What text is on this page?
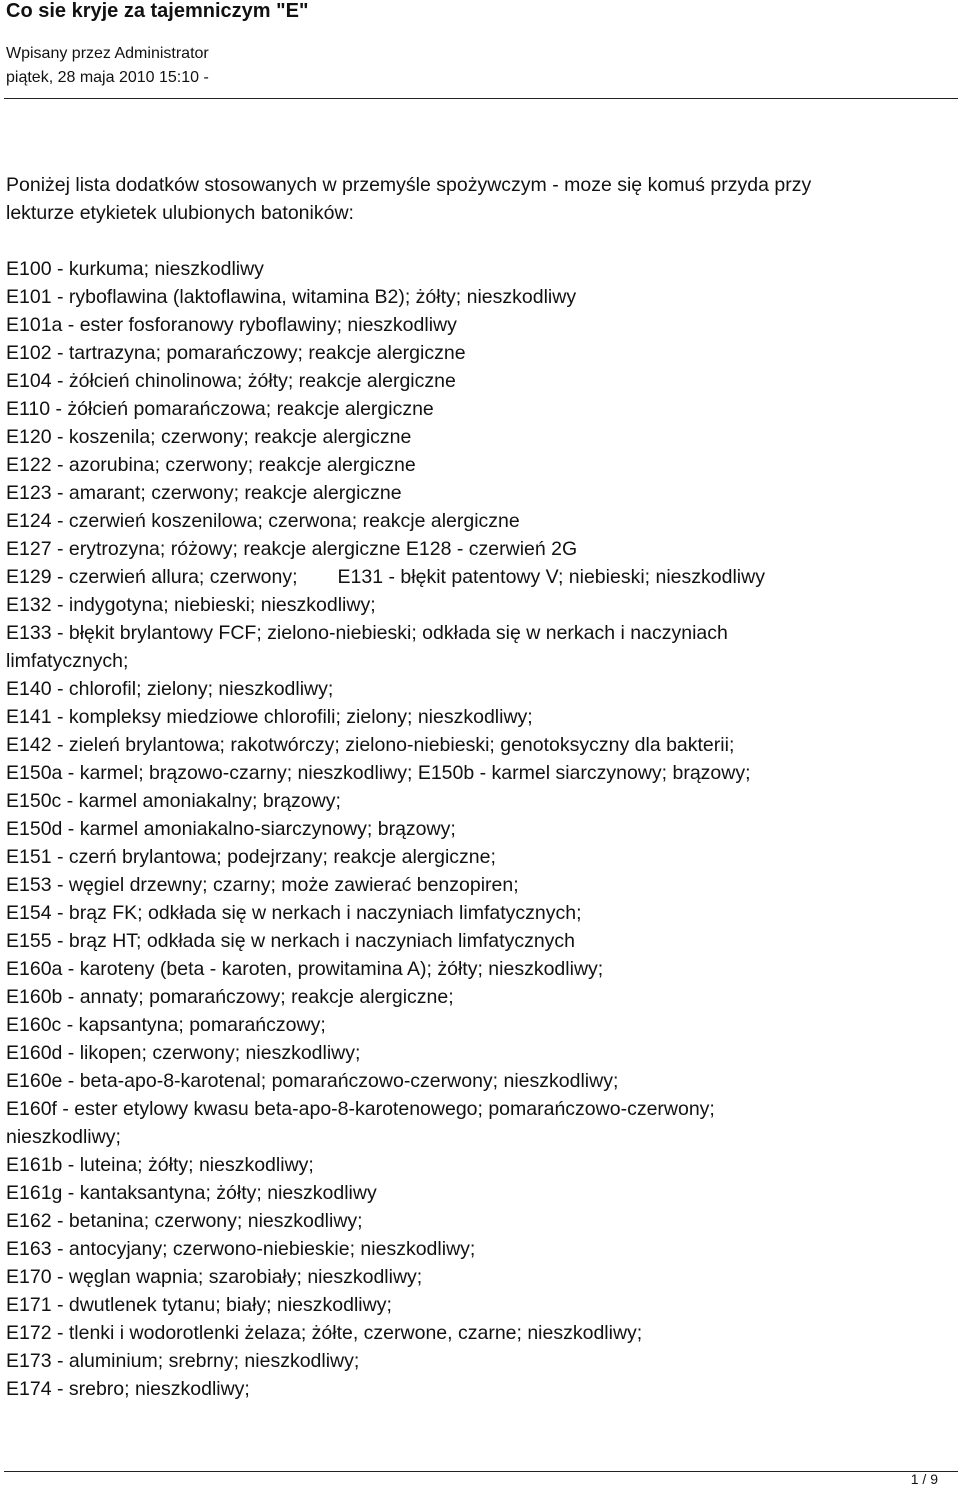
Co sie kryje za tajemniczym "E"
Wpisany przez Administrator
piątek, 28 maja 2010 15:10 -
Poniżej lista dodatków stosowanych w przemyśle spożywczym - moze się komuś przyda przy
lekturze etykietek ulubionych batoników:
E100 - kurkuma; nieszkodliwy
E101 - ryboflawina (laktoflawina, witamina B2); żółty; nieszkodliwy
E101a - ester fosforanowy ryboflawiny; nieszkodliwy
E102 - tartrazyna; pomarańczowy; reakcje alergiczne
E104 - żółcień chinolinowa; żółty; reakcje alergiczne
E110 - żółcień pomarańczowa; reakcje alergiczne
E120 - koszenila; czerwony; reakcje alergiczne
E122 - azorubina; czerwony; reakcje alergiczne
E123 - amarant; czerwony; reakcje alergiczne
E124 - czerwień koszenilowa; czerwona; reakcje alergiczne
E127 - erytrozyna; różowy; reakcje alergiczne E128 - czerwień 2G
E129 - czerwień allura; czerwony; E131 - błękit patentowy V; niebieski; nieszkodliwy
E132 - indygotyna; niebieski; nieszkodliwy;
E133 - błękit brylantowy FCF; zielono-niebieski; odkłada się w nerkach i naczyniach
limfatycznych;
E140 - chlorofil; zielony; nieszkodliwy;
E141 - kompleksy miedziowe chlorofili; zielony; nieszkodliwy;
E142 - zieleń brylantowa; rakotwórczy; zielono-niebieski; genotoksyczny dla bakterii;
E150a - karmel; brązowo-czarny; nieszkodliwy; E150b - karmel siarczynowy; brązowy;
E150c - karmel amoniakalny; brązowy;
E150d - karmel amoniakalno-siarczynowy; brązowy;
E151 - czerń brylantowa; podejrzany; reakcje alergiczne;
E153 - węgiel drzewny; czarny; może zawierać benzopiren;
E154 - brąz FK; odkłada się w nerkach i naczyniach limfatycznych;
E155 - brąz HT; odkłada się w nerkach i naczyniach limfatycznych
E160a - karoteny (beta - karoten, prowitamina A); żółty; nieszkodliwy;
E160b - annaty; pomarańczowy; reakcje alergiczne;
E160c - kapsantyna; pomarańczowy;
E160d - likopen; czerwony; nieszkodliwy;
E160e - beta-apo-8-karotenal; pomarańczowo-czerwony; nieszkodliwy;
E160f - ester etylowy kwasu beta-apo-8-karotenowego; pomarańczowo-czerwony;
nieszkodliwy;
E161b - luteina; żółty; nieszkodliwy;
E161g - kantaksantyna; żółty; nieszkodliwy
E162 - betanina; czerwony; nieszkodliwy;
E163 - antocyjany; czerwono-niebieskie; nieszkodliwy;
E170 - węglan wapnia; szarobiały; nieszkodliwy;
E171 - dwutlenek tytanu; biały; nieszkodliwy;
E172 - tlenki i wodorotlenki żelaza; żółte, czerwone, czarne; nieszkodliwy;
E173 - aluminium; srebrny; nieszkodliwy;
E174 - srebro; nieszkodliwy;
1 / 9
